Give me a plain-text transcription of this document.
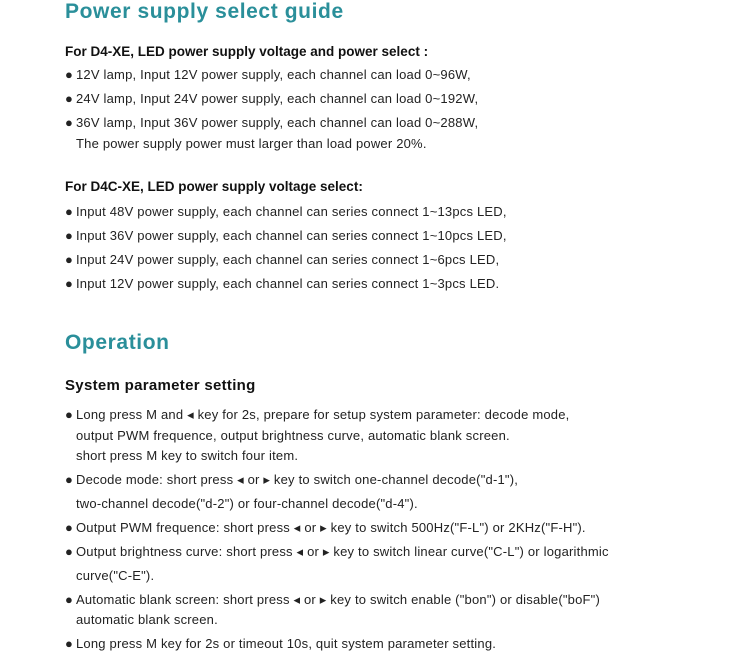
Power supply select guide
For D4-XE, LED power supply voltage and power select :
● 12V lamp, Input 12V power supply, each channel can load 0~96W,
● 24V lamp, Input 24V power supply, each channel can load 0~192W,
● 36V lamp, Input 36V power supply, each channel can load 0~288W,
The power supply power must larger than load power 20%.
For D4C-XE, LED power supply voltage select:
● Input 48V power supply, each channel can series connect 1~13pcs LED,
● Input 36V power supply, each channel can series connect 1~10pcs LED,
● Input 24V power supply, each channel can series connect 1~6pcs LED,
● Input 12V power supply, each channel can series connect 1~3pcs LED.
Operation
System parameter setting
● Long press M and ◂ key for 2s, prepare for setup system parameter: decode mode,
output PWM frequence, output brightness curve, automatic blank screen.
short press M key to switch four item.
● Decode mode: short press ◂ or ▸ key to switch one-channel decode("d-1"),
two-channel decode("d-2") or four-channel decode("d-4").
● Output PWM frequence: short press ◂ or ▸ key to switch 500Hz("F-L") or 2KHz("F-H").
● Output brightness curve: short press ◂ or ▸ key to switch linear curve("C-L") or logarithmic
curve("C-E").
● Automatic blank screen: short press ◂ or ▸ key to switch enable ("bon") or disable("boF")
automatic blank screen.
● Long press M key for 2s or timeout 10s, quit system parameter setting.
